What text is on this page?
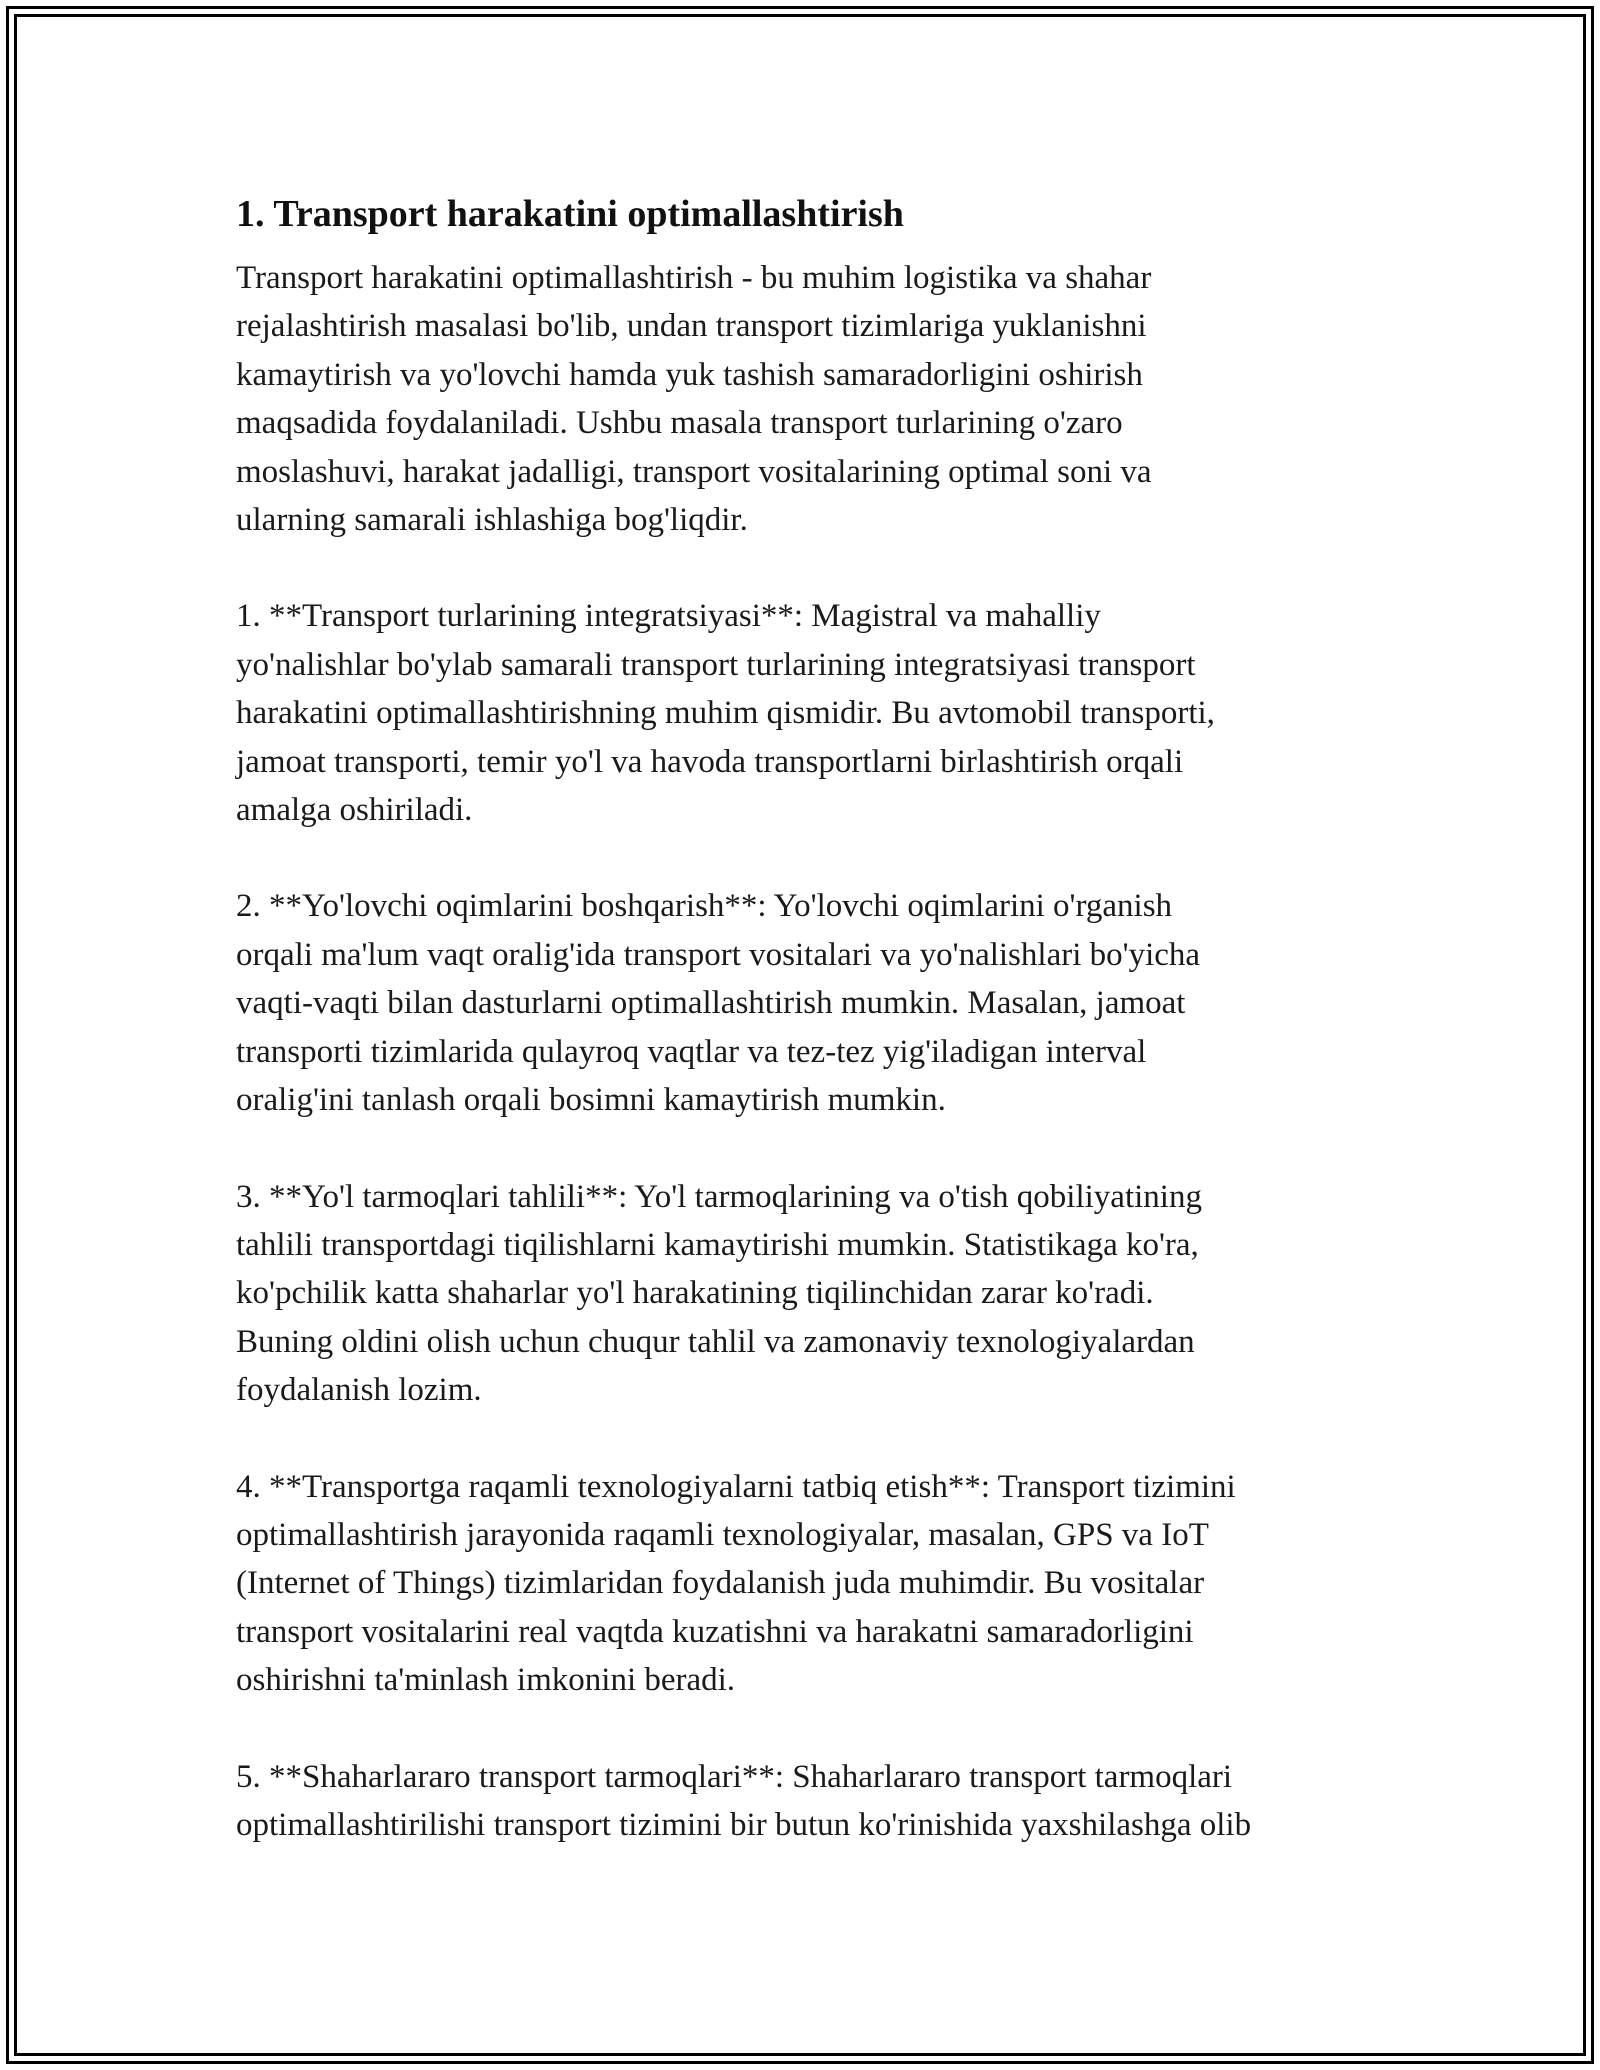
1. Transport harakatini optimallashtirish

Transport harakatini optimallashtirish - bu muhim logistika va shahar
rejalashtirish masalasi bo'lib, undan transport tizimlariga yuklanishni
kamaytirish va yo'lovchi hamda yuk tashish samaradorligini oshirish
maqsadida foydalaniladi. Ushbu masala transport turlarining o'zaro
moslashuvi, harakat jadalligi, transport vositalarining optimal soni va
ularning samarali ishlashiga bog'liqdir.

1. **Transport turlarining integratsiyasi**: Magistral va mahalliy
yo'nalishlar bo'ylab samarali transport turlarining integratsiyasi transport
harakatini optimallashtirishning muhim qismidir. Bu avtomobil transporti,
jamoat transporti, temir yo'l va havoda transportlarni birlashtirish orqali
amalga oshiriladi.

2. **Yo'lovchi oqimlarini boshqarish**: Yo'lovchi oqimlarini o'rganish
orqali ma'lum vaqt oralig'ida transport vositalari va yo'nalishlari bo'yicha
vaqti-vaqti bilan dasturlarni optimallashtirish mumkin. Masalan, jamoat
transporti tizimlarida qulayroq vaqtlar va tez-tez yig'iladigan interval
oralig'ini tanlash orqali bosimni kamaytirish mumkin.

3. **Yo'l tarmoqlari tahlili**: Yo'l tarmoqlarining va o'tish qobiliyatining
tahlili transportdagi tiqilishlarni kamaytirishi mumkin. Statistikaga ko'ra,
ko'pchilik katta shaharlar yo'l harakatining tiqilinchidan zarar ko'radi.
Buning oldini olish uchun chuqur tahlil va zamonaviy texnologiyalardan
foydalanish lozim.

4. **Transportga raqamli texnologiyalarni tatbiq etish**: Transport tizimini
optimallashtirish jarayonida raqamli texnologiyalar, masalan, GPS va IoT
(Internet of Things) tizimlaridan foydalanish juda muhimdir. Bu vositalar
transport vositalarini real vaqtda kuzatishni va harakatni samaradorligini
oshirishni ta'minlash imkonini beradi.

5. **Shaharlararo transport tarmoqlari**: Shaharlararo transport tarmoqlari
optimallashtirilishi transport tizimini bir butun ko'rinishida yaxshilashga olib
